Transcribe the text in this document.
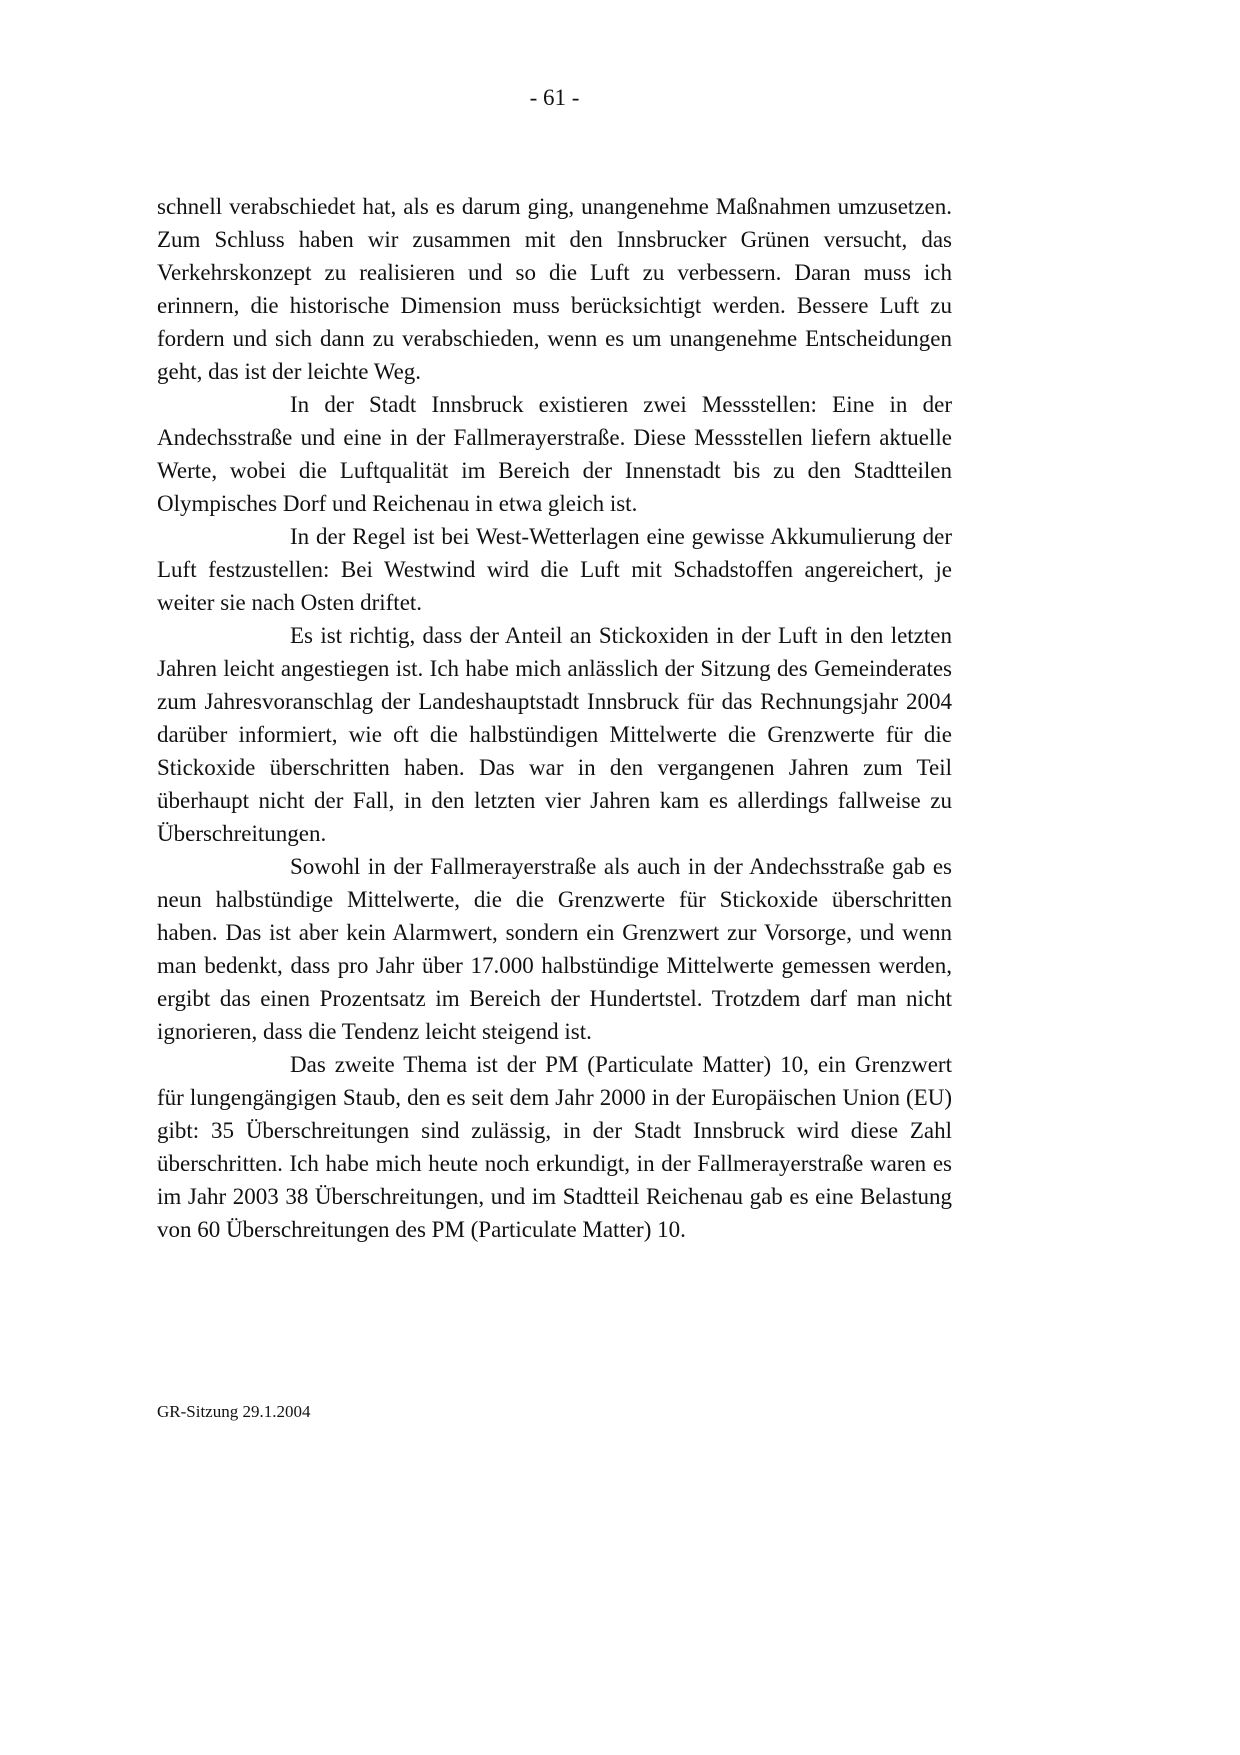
- 61 -

schnell verabschiedet hat, als es darum ging, unangenehme Maßnahmen umzusetzen. Zum Schluss haben wir zusammen mit den Innsbrucker Grünen versucht, das Verkehrskonzept zu realisieren und so die Luft zu verbessern. Daran muss ich erinnern, die historische Dimension muss berücksichtigt werden. Bessere Luft zu fordern und sich dann zu verabschieden, wenn es um unangenehme Entscheidungen geht, das ist der leichte Weg.

In der Stadt Innsbruck existieren zwei Messstellen: Eine in der Andechsstraße und eine in der Fallmerayerstraße. Diese Messstellen liefern aktuelle Werte, wobei die Luftqualität im Bereich der Innenstadt bis zu den Stadtteilen Olympisches Dorf und Reichenau in etwa gleich ist.

In der Regel ist bei West-Wetterlagen eine gewisse Akkumulierung der Luft festzustellen: Bei Westwind wird die Luft mit Schadstoffen angereichert, je weiter sie nach Osten driftet.

Es ist richtig, dass der Anteil an Stickoxiden in der Luft in den letzten Jahren leicht angestiegen ist. Ich habe mich anlässlich der Sitzung des Gemeinderates zum Jahresvoranschlag der Landeshauptstadt Innsbruck für das Rechnungsjahr 2004 darüber informiert, wie oft die halbstündigen Mittelwerte die Grenzwerte für die Stickoxide überschritten haben. Das war in den vergangenen Jahren zum Teil überhaupt nicht der Fall, in den letzten vier Jahren kam es allerdings fallweise zu Überschreitungen.

Sowohl in der Fallmerayerstraße als auch in der Andechsstraße gab es neun halbstündige Mittelwerte, die die Grenzwerte für Stickoxide überschritten haben. Das ist aber kein Alarmwert, sondern ein Grenzwert zur Vorsorge, und wenn man bedenkt, dass pro Jahr über 17.000 halbstündige Mittelwerte gemessen werden, ergibt das einen Prozentsatz im Bereich der Hundertstel. Trotzdem darf man nicht ignorieren, dass die Tendenz leicht steigend ist.

Das zweite Thema ist der PM (Particulate Matter) 10, ein Grenzwert für lungengängigen Staub, den es seit dem Jahr 2000 in der Europäischen Union (EU) gibt: 35 Überschreitungen sind zulässig, in der Stadt Innsbruck wird diese Zahl überschritten. Ich habe mich heute noch erkundigt, in der Fallmerayerstraße waren es im Jahr 2003 38 Überschreitungen, und im Stadtteil Reichenau gab es eine Belastung von 60 Überschreitungen des PM (Particulate Matter) 10.

GR-Sitzung 29.1.2004
